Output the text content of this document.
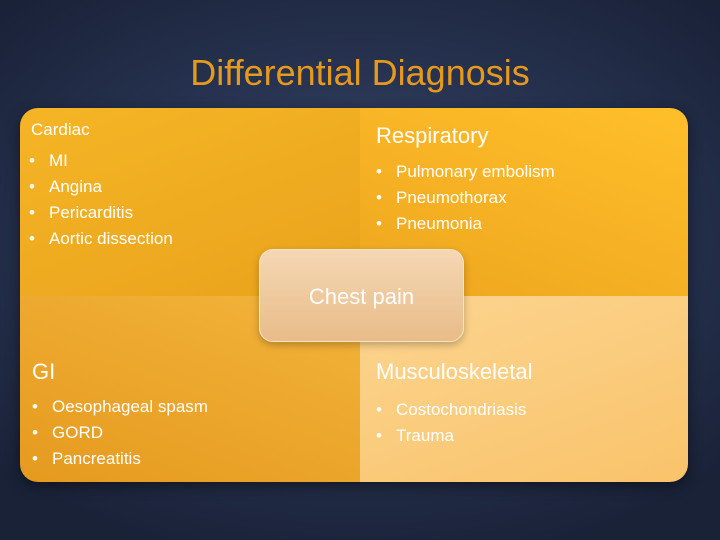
Differential Diagnosis
Cardiac
• MI
• Angina
• Pericarditis
• Aortic dissection
Respiratory
• Pulmonary embolism
• Pneumothorax
• Pneumonia
GI
• Oesophageal spasm
• GORD
• Pancreatitis
Musculoskeletal
• Costochondriasis
• Trauma
Chest pain
